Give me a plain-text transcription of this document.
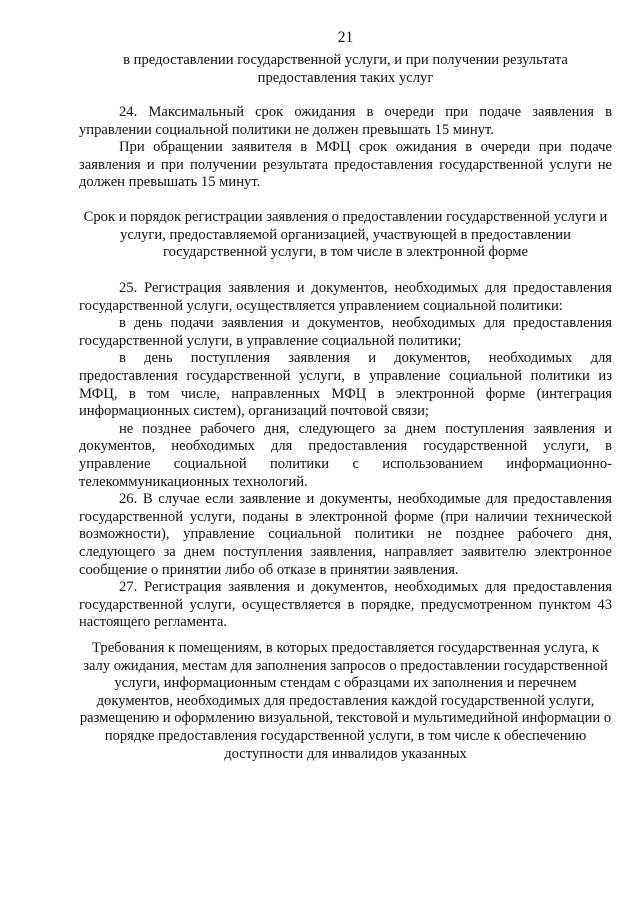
21

в предоставлении государственной услуги, и при получении результата предоставления таких услуг

24. Максимальный срок ожидания в очереди при подаче заявления в управлении социальной политики не должен превышать 15 минут.

При обращении заявителя в МФЦ срок ожидания в очереди при подаче заявления и при получении результата предоставления государственной услуги не должен превышать 15 минут.

Срок и порядок регистрации заявления о предоставлении государственной услуги и услуги, предоставляемой организацией, участвующей в предоставлении государственной услуги, в том числе в электронной форме

25. Регистрация заявления и документов, необходимых для предоставления государственной услуги, осуществляется управлением социальной политики:

в день подачи заявления и документов, необходимых для предоставления государственной услуги, в управление социальной политики;

в день поступления заявления и документов, необходимых для предоставления государственной услуги, в управление социальной политики из МФЦ, в том числе, направленных МФЦ в электронной форме (интеграция информационных систем), организаций почтовой связи;

не позднее рабочего дня, следующего за днем поступления заявления и документов, необходимых для предоставления государственной услуги, в управление социальной политики с использованием информационно-телекоммуникационных технологий.

26. В случае если заявление и документы, необходимые для предоставления государственной услуги, поданы в электронной форме (при наличии технической возможности), управление социальной политики не позднее рабочего дня, следующего за днем поступления заявления, направляет заявителю электронное сообщение о принятии либо об отказе в принятии заявления.

27. Регистрация заявления и документов, необходимых для предоставления государственной услуги, осуществляется в порядке, предусмотренном пунктом 43 настоящего регламента.

Требования к помещениям, в которых предоставляется государственная услуга, к залу ожидания, местам для заполнения запросов о предоставлении государственной услуги, информационным стендам с образцами их заполнения и перечнем документов, необходимых для предоставления каждой государственной услуги, размещению и оформлению визуальной, текстовой и мультимедийной информации о порядке предоставления государственной услуги, в том числе к обеспечению доступности для инвалидов указанных
